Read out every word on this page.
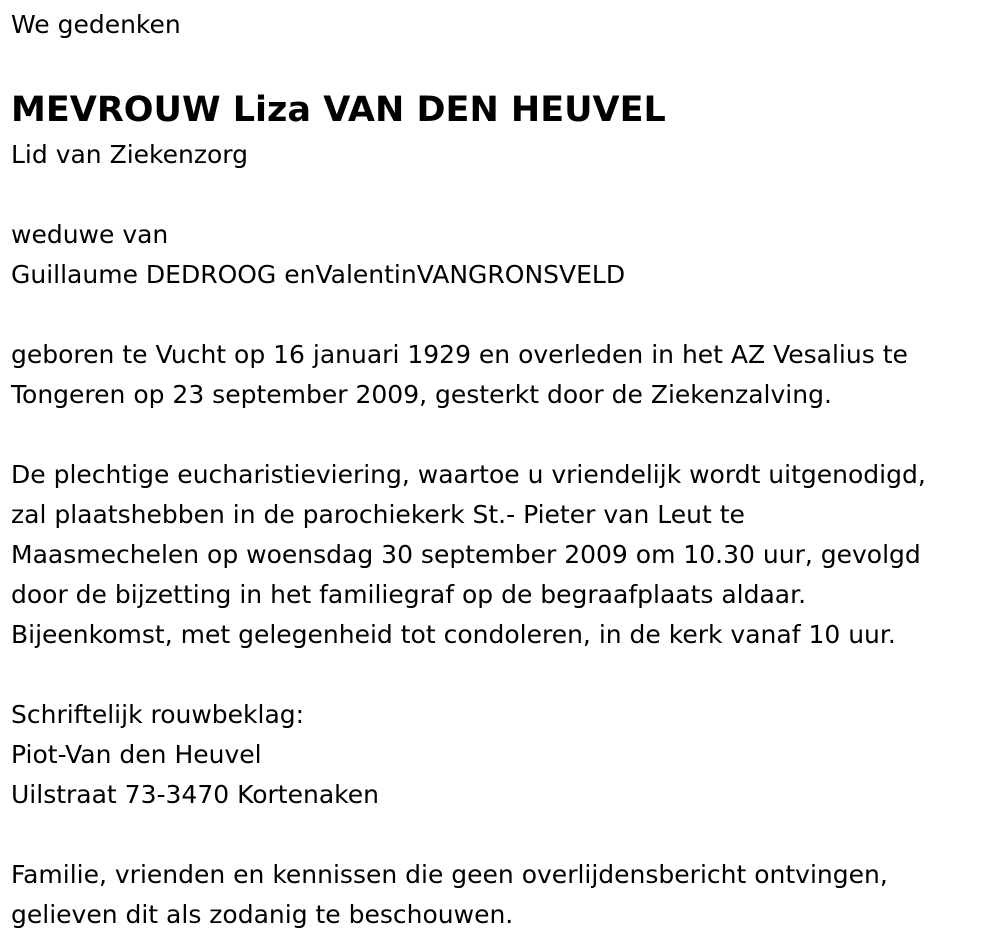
We gedenken
MEVROUW Liza VAN DEN HEUVEL
Lid van Ziekenzorg
weduwe van
Guillaume DEDROOG enValentinVANGRONSVELD
geboren te Vucht op 16 januari 1929 en overleden in het AZ Vesalius te
Tongeren op 23 september 2009, gesterkt door de Ziekenzalving.
De plechtige eucharistieviering, waartoe u vriendelijk wordt uitgenodigd,
zal plaatshebben in de parochiekerk St.- Pieter van Leut te
Maasmechelen op woensdag 30 september 2009 om 10.30 uur, gevolgd
door de bijzetting in het familiegraf op de begraafplaats aldaar.
Bijeenkomst, met gelegenheid tot condoleren, in de kerk vanaf 10 uur.
Schriftelijk rouwbeklag:
Piot-Van den Heuvel
Uilstraat 73-3470 Kortenaken
Familie, vrienden en kennissen die geen overlijdensbericht ontvingen,
gelieven dit als zodanig te beschouwen.
